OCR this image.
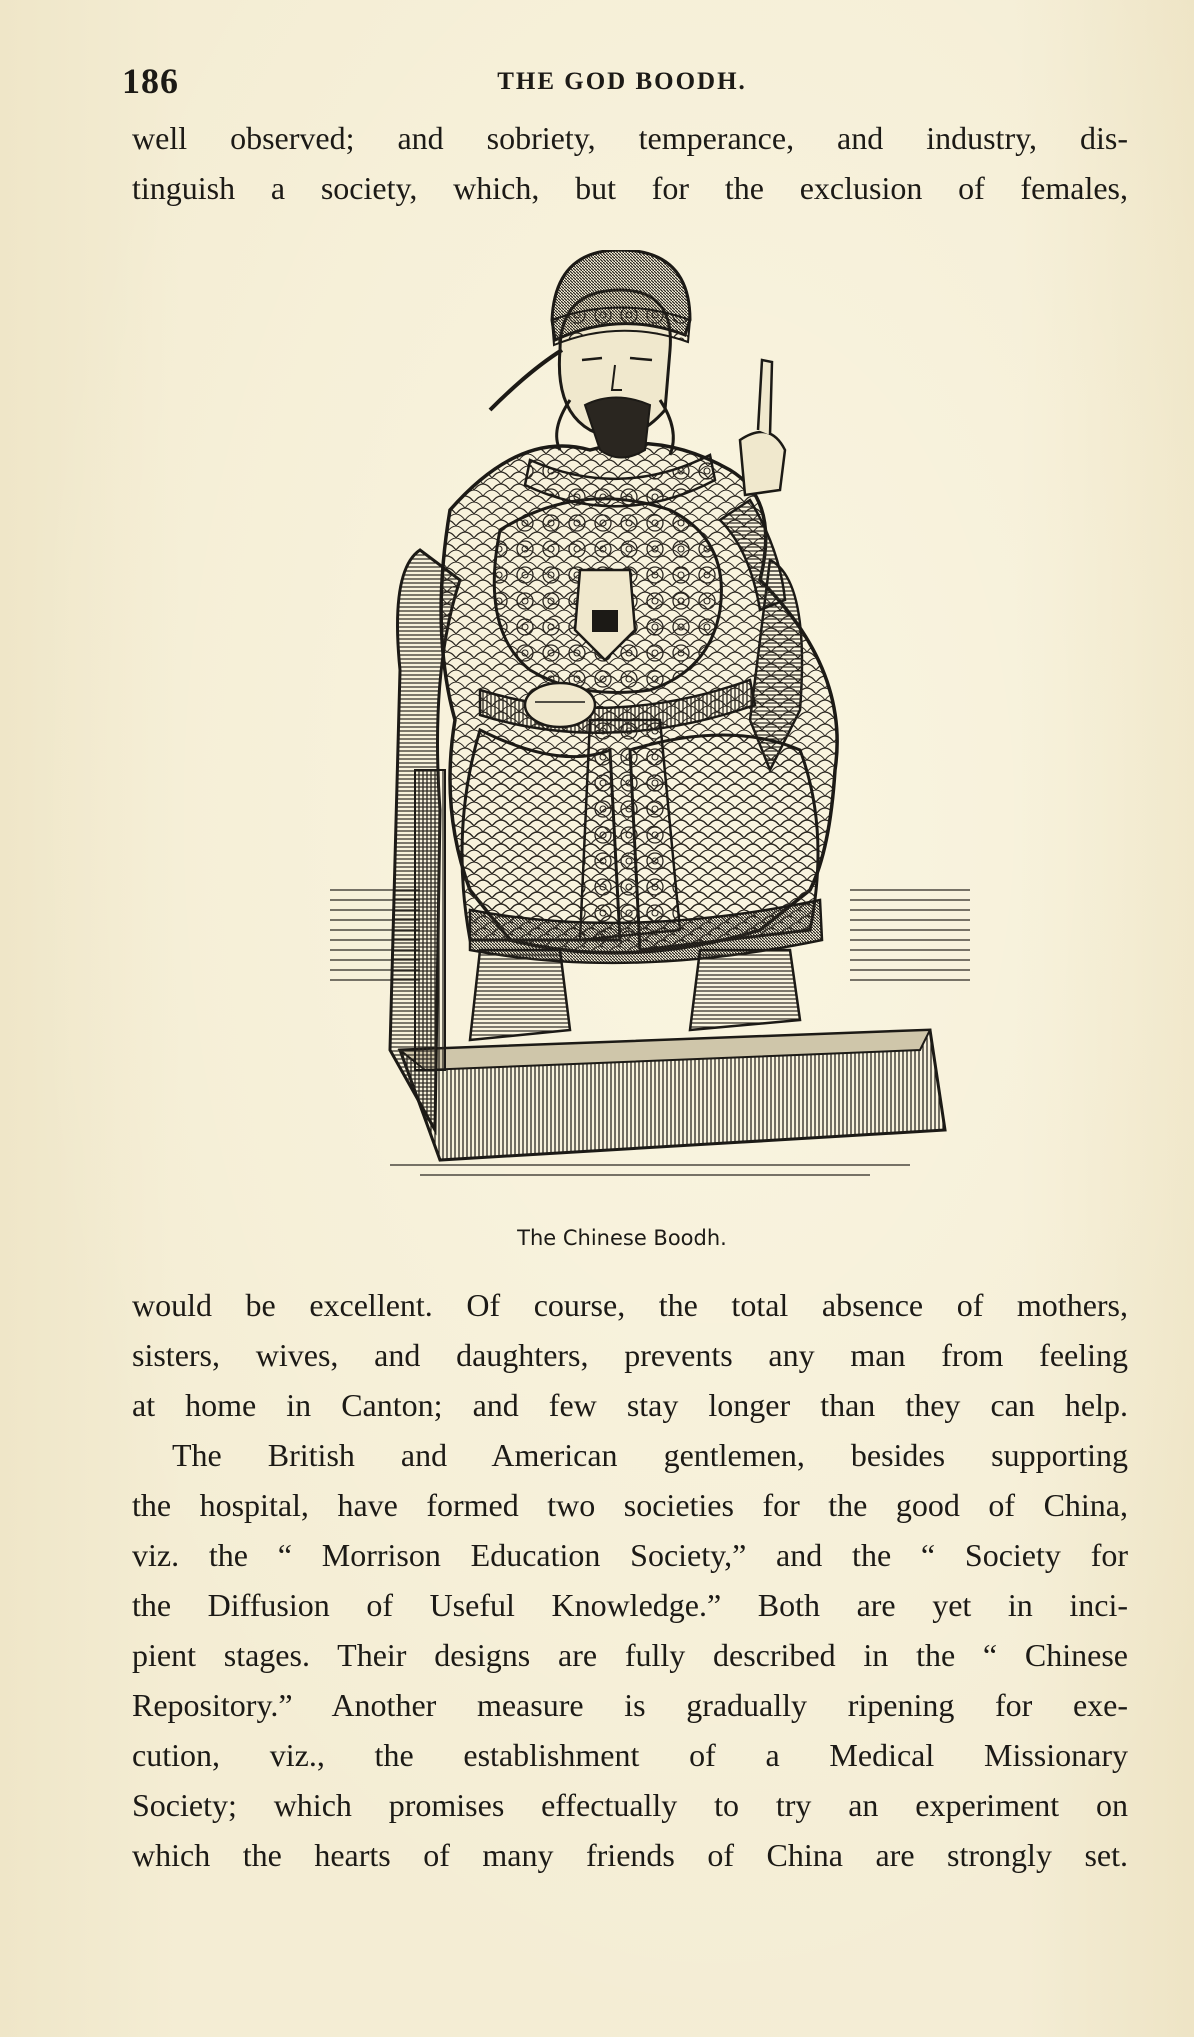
186	THE GOD BOODH.
well observed; and sobriety, temperance, and industry, dis-
tinguish a society, which, but for the exclusion of females,
The Chinese Boodh.
would be excellent. Of course, the total absence of mothers,
sisters, wives, and daughters, prevents any man from feeling
at home in Canton; and few stay longer than they can help.
The British and American gentlemen, besides supporting
the hospital, have formed two societies for the good of China,
viz. the “ Morrison Education Society,” and the “ Society for
the Diffusion of Useful Knowledge.” Both are yet in inci-
pient stages. Their designs are fully described in the “ Chinese
Repository.” Another measure is gradually ripening for exe-
cution, viz., the establishment of a Medical Missionary
Society; which promises effectually to try an experiment on
which the hearts of many friends of China are strongly set.
